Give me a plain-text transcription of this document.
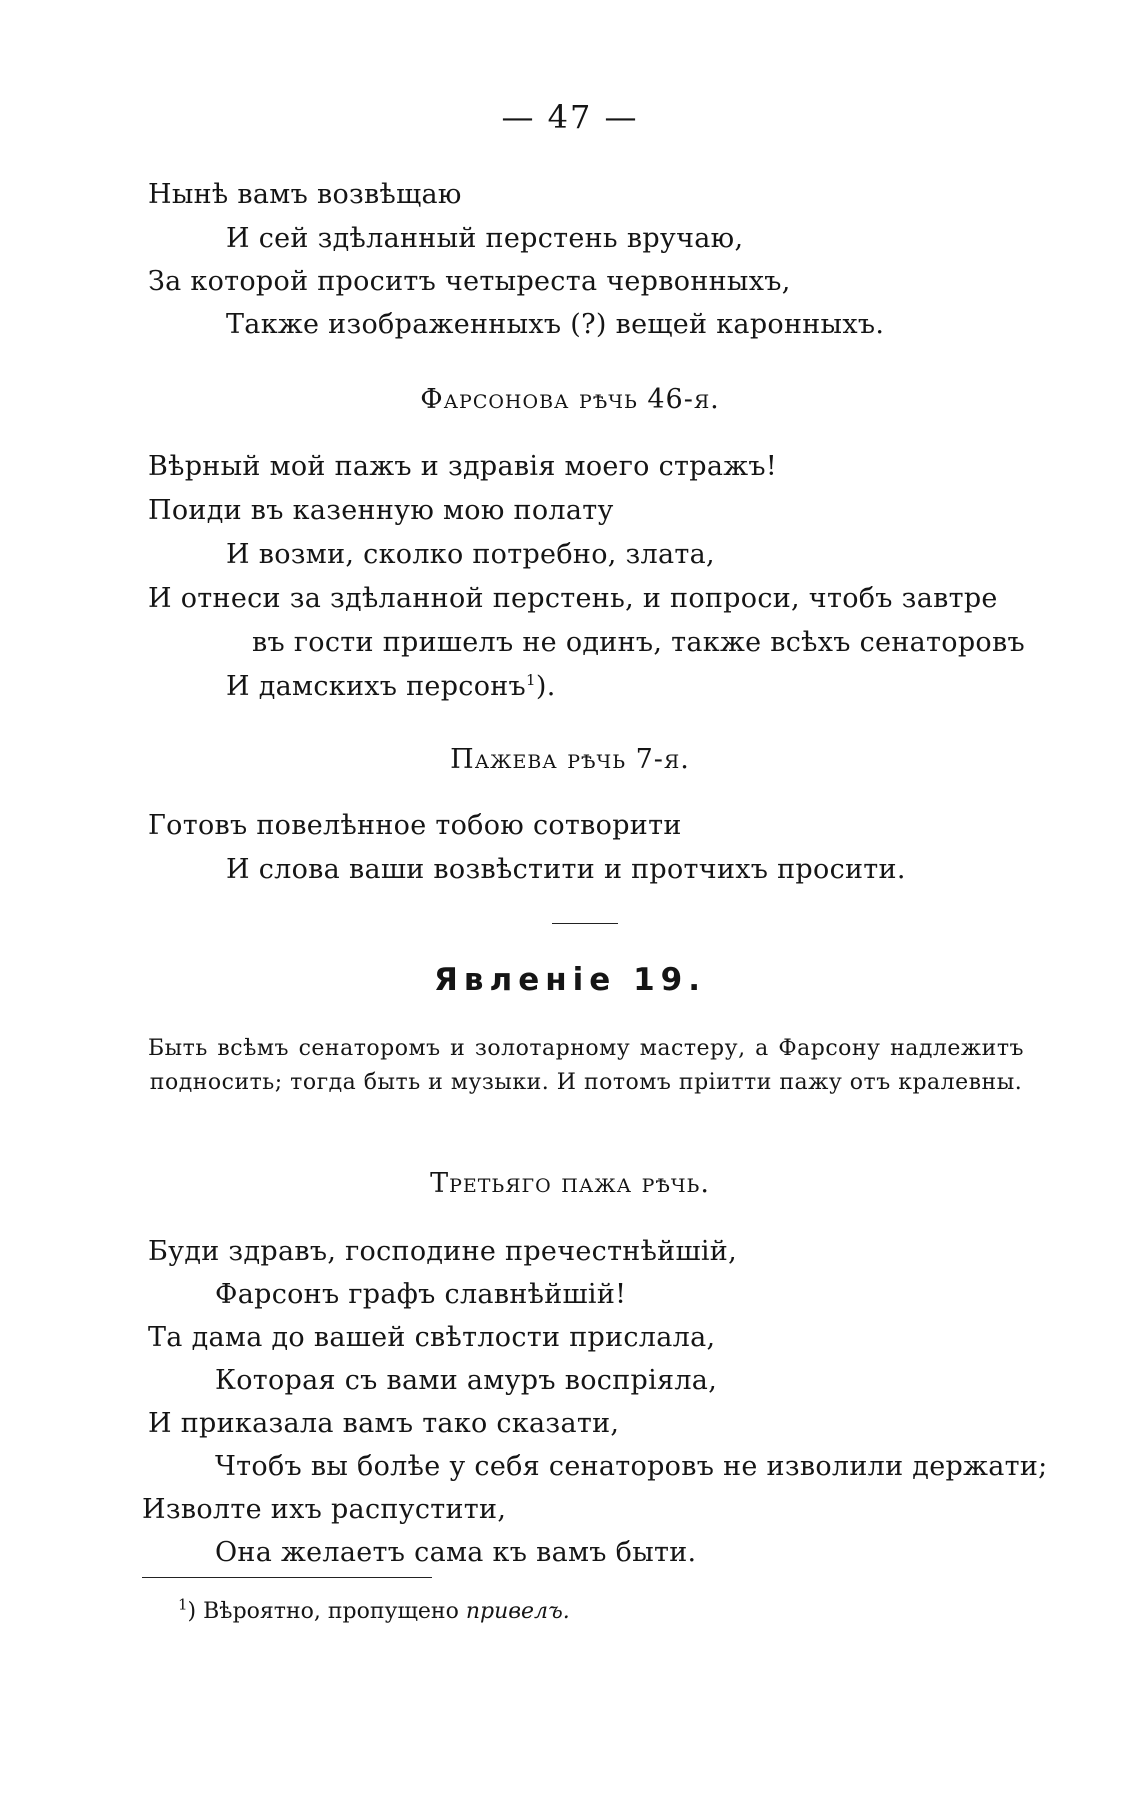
— 47 —
Нынѣ вамъ возвѣщаю
И сей здѣланный перстень вручаю,
За которой проситъ четыреста червонныхъ,
Также изображенныхъ (?) вещей каронныхъ.
Фарсонова рѣчь 46-я.
Вѣрный мой пажъ и здравія моего стражъ!
Поиди въ казенную мою полату
И возми, сколко потребно, злата,
И отнеси за здѣланной перстень, и попроси, чтобъ завтре
въ гости пришелъ не одинъ, также всѣхъ сенаторовъ
И дамскихъ персонъ$^1$).
Пажева рѣчь 7-я.
Готовъ повелѣнное тобою сотворити
И слова ваши возвѣстити и протчихъ просити.
Явленіе 19.
Быть всѣмъ сенаторомъ и золотарному мастеру, а Фарсону надлежитъ подносить; тогда быть и музыки. И потомъ пріитти пажу отъ кралевны.
Третьяго пажа рѣчь.
Буди здравъ, господине пречестнѣйшій,
Фарсонъ графъ славнѣйшій!
Та дама до вашей свѣтлости прислала,
Которая съ вами амуръ воспріяла,
И приказала вамъ тако сказати,
Чтобъ вы болѣе у себя сенаторовъ не изволили держати;
Изволте ихъ распустити,
Она желаетъ сама къ вамъ быти.
$^1$) Вѣроятно, пропущено привелъ.
